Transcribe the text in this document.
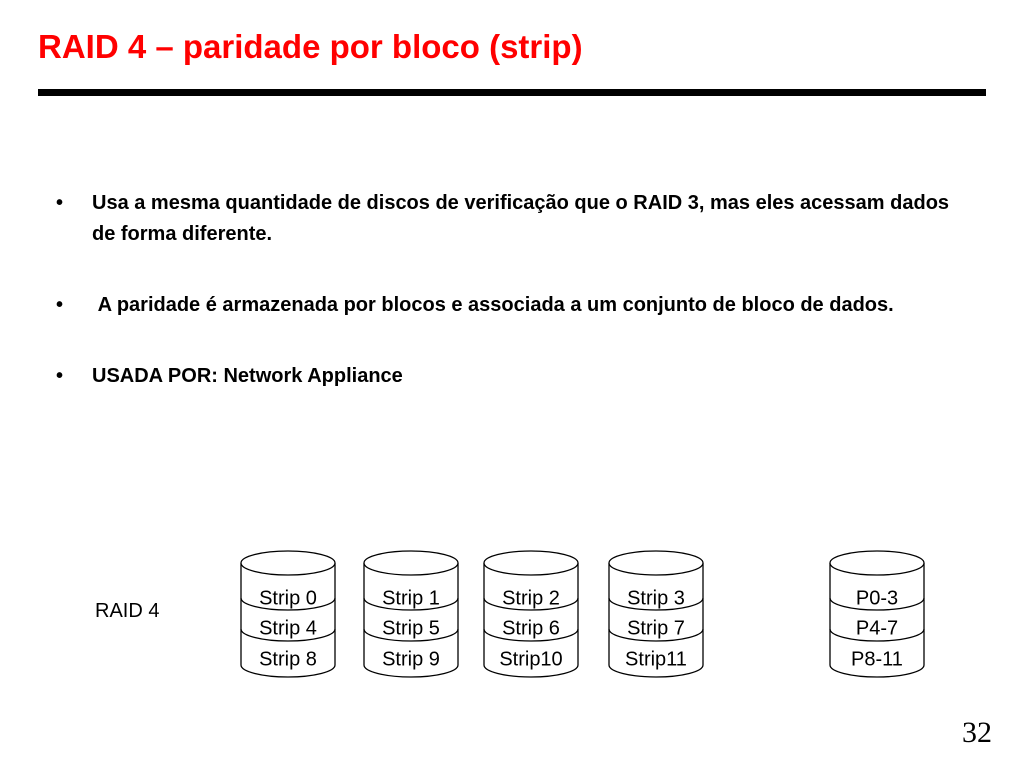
RAID 4 – paridade por bloco (strip)
• Usa a mesma quantidade de discos de verificação que o RAID 3, mas eles acessam dados de forma diferente.
• A paridade é armazenada por blocos e associada a um conjunto de bloco de dados.
• USADA POR: Network Appliance
RAID 4
Strip 0
Strip 4
Strip 8
Strip 1
Strip 5
Strip 9
Strip 2
Strip 6
Strip10
Strip 3
Strip 7
Strip11
P0-3
P4-7
P8-11
32
